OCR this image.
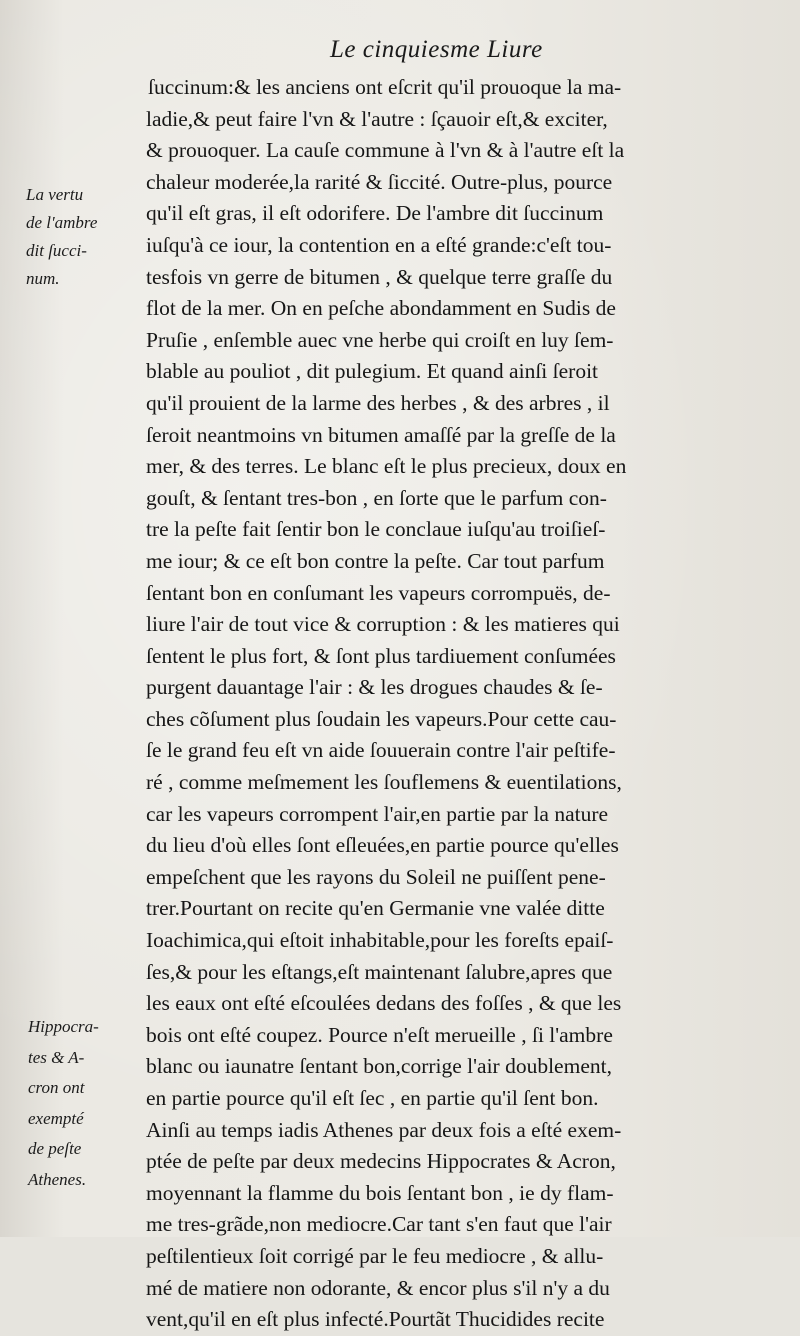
Le cinquiesme Liure
La vertu
de l'ambre
dit ſucci-
num.
Hippocra-
tes & A-
cron ont
exempté
de peſte
Athenes.
ſuccinum:& les anciens ont eſcrit qu'il prouoque la ma-
ladie,& peut faire l'vn & l'autre : ſçauoir eſt,& exciter,
& prouoquer. La cauſe commune à l'vn & à l'autre eſt la
chaleur moderée,la rarité & ſiccité. Outre-plus, pource
qu'il eſt gras, il eſt odorifere. De l'ambre dit ſuccinum
iuſqu'à ce iour, la contention en a eſté grande:c'eſt tou-
tesfois vn gerre de bitumen , & quelque terre graſſe du
flot de la mer. On en peſche abondamment en Sudis de
Pruſie , enſemble auec vne herbe qui croiſt en luy ſem-
blable au pouliot , dit pulegium. Et quand ainſi ſeroit
qu'il prouient de la larme des herbes , & des arbres , il
ſeroit neantmoins vn bitumen amaſſé par la greſſe de la
mer, & des terres. Le blanc eſt le plus precieux, doux en
gouſt, & ſentant tres-bon , en ſorte que le parfum con-
tre la peſte fait ſentir bon le conclaue iuſqu'au troiſieſ-
me iour; & ce eſt bon contre la peſte. Car tout parfum
ſentant bon en conſumant les vapeurs corrompuës, de-
liure l'air de tout vice & corruption : & les matieres qui
ſentent le plus fort, & ſont plus tardiuement conſumées
purgent dauantage l'air : & les drogues chaudes & ſe-
ches cõſument plus ſoudain les vapeurs.Pour cette cau-
ſe le grand feu eſt vn aide ſouuerain contre l'air peſtife-
ré , comme meſmement les ſouflemens & euentilations,
car les vapeurs corrompent l'air,en partie par la nature
du lieu d'où elles ſont eſleuées,en partie pource qu'elles
empeſchent que les rayons du Soleil ne puiſſent pene-
trer.Pourtant on recite qu'en Germanie vne valée ditte
Ioachimica,qui eſtoit inhabitable,pour les foreſts epaiſ-
ſes,& pour les eſtangs,eſt maintenant ſalubre,apres que
les eaux ont eſté eſcoulées dedans des foſſes , & que les
bois ont eſté coupez. Pource n'eſt merueille , ſi l'ambre
blanc ou iaunatre ſentant bon,corrige l'air doublement,
en partie pource qu'il eſt ſec , en partie qu'il ſent bon.
Ainſi au temps iadis Athenes par deux fois a eſté exem-
ptée de peſte par deux medecins Hippocrates & Acron,
moyennant la flamme du bois ſentant bon , ie dy flam-
me tres-grãde,non mediocre.Car tant s'en faut que l'air
peſtilentieux ſoit corrigé par le feu mediocre , & allu-
mé de matiere non odorante, & encor plus s'il n'y a du
vent,qu'il en eſt plus infecté.Pourtãt Thucidides recite
